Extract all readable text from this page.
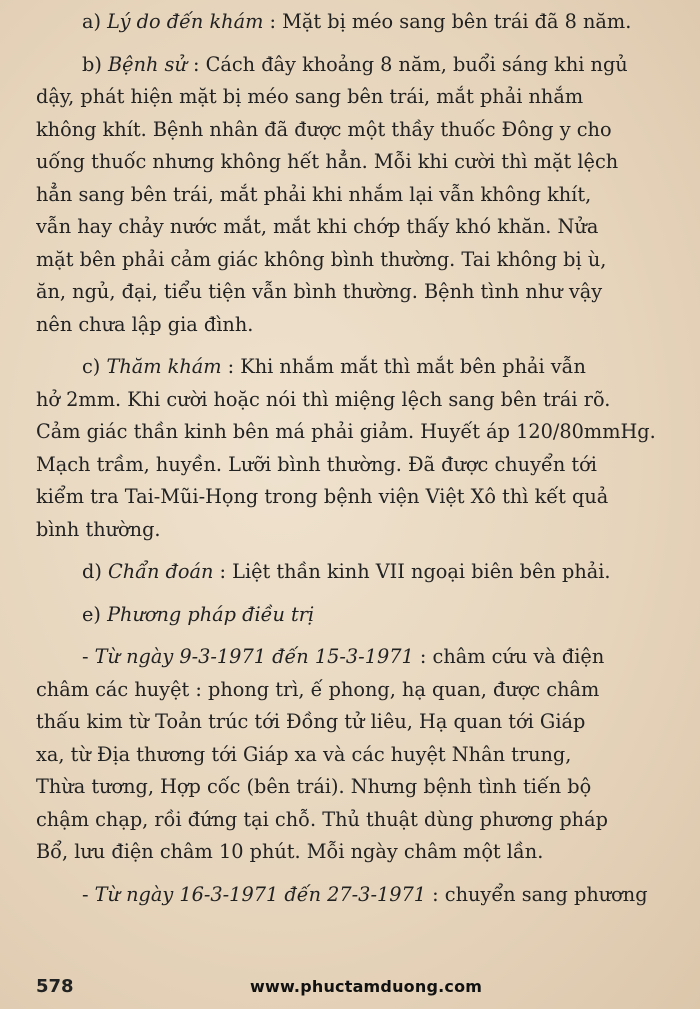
a) Lý do đến khám : Mặt bị méo sang bên trái đã 8 năm.
b) Bệnh sử : Cách đây khoảng 8 năm, buổi sáng khi ngủ
dậy, phát hiện mặt bị méo sang bên trái, mắt phải nhắm
không khít. Bệnh nhân đã được một thầy thuốc Đông y cho
uống thuốc nhưng không hết hẳn. Mỗi khi cười thì mặt lệch
hẳn sang bên trái, mắt phải khi nhắm lại vẫn không khít,
vẫn hay chảy nước mắt, mắt khi chớp thấy khó khăn. Nửa
mặt bên phải cảm giác không bình thường. Tai không bị ù,
ăn, ngủ, đại, tiểu tiện vẫn bình thường. Bệnh tình như vậy
nên chưa lập gia đình.
c) Thăm khám : Khi nhắm mắt thì mắt bên phải vẫn
hở 2mm. Khi cười hoặc nói thì miệng lệch sang bên trái rõ.
Cảm giác thần kinh bên má phải giảm. Huyết áp 120/80mmHg.
Mạch trầm, huyền. Lưỡi bình thường. Đã được chuyển tới
kiểm tra Tai-Mũi-Họng trong bệnh viện Việt Xô thì kết quả
bình thường.
d) Chẩn đoán : Liệt thần kinh VII ngoại biên bên phải.
e) Phương pháp điều trị
- Từ ngày 9-3-1971 đến 15-3-1971 : châm cứu và điện
châm các huyệt : phong trì, ế phong, hạ quan, được châm
thấu kim từ Toản trúc tới Đồng tử liêu, Hạ quan tới Giáp
xa, từ Địa thương tới Giáp xa và các huyệt Nhân trung,
Thừa tương, Hợp cốc (bên trái). Nhưng bệnh tình tiến bộ
chậm chạp, rồi đứng tại chỗ. Thủ thuật dùng phương pháp
Bổ, lưu điện châm 10 phút. Mỗi ngày châm một lần.
- Từ ngày 16-3-1971 đến 27-3-1971 : chuyển sang phương
578	www.phuctamduong.com
